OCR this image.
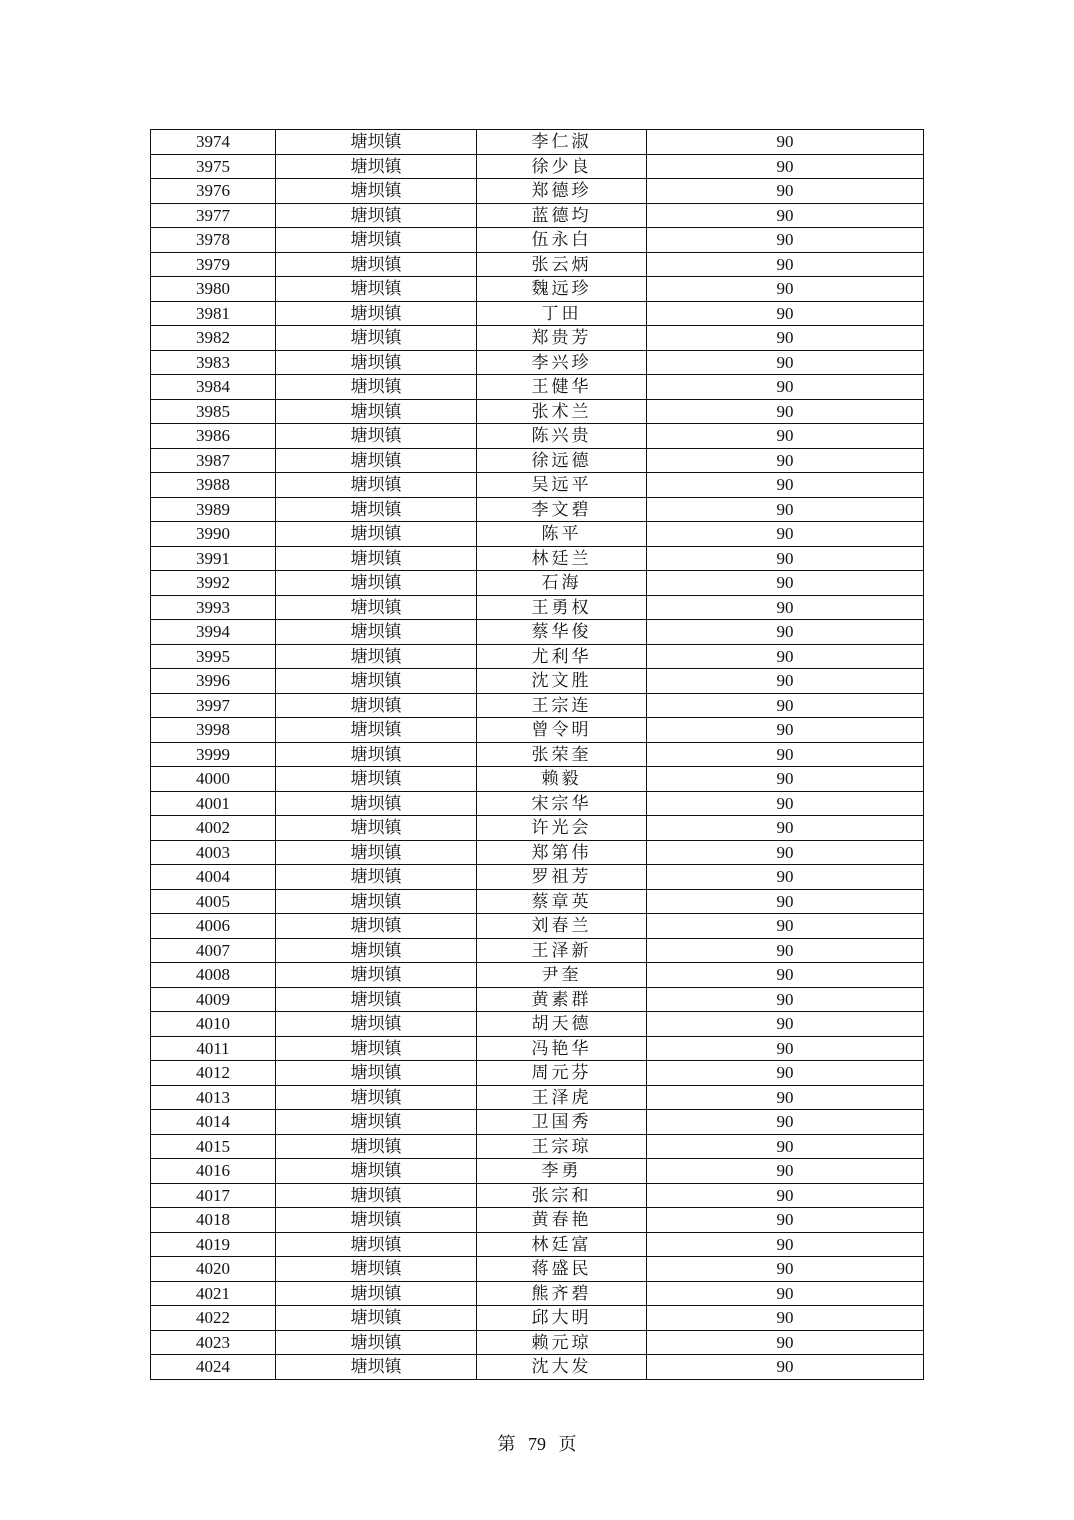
3974	塘坝镇	李仁淑	90
3975	塘坝镇	徐少良	90
3976	塘坝镇	郑德珍	90
3977	塘坝镇	蓝德均	90
3978	塘坝镇	伍永白	90
3979	塘坝镇	张云炳	90
3980	塘坝镇	魏远珍	90
3981	塘坝镇	丁田	90
3982	塘坝镇	郑贵芳	90
3983	塘坝镇	李兴珍	90
3984	塘坝镇	王健华	90
3985	塘坝镇	张术兰	90
3986	塘坝镇	陈兴贵	90
3987	塘坝镇	徐远德	90
3988	塘坝镇	吴远平	90
3989	塘坝镇	李文碧	90
3990	塘坝镇	陈平	90
3991	塘坝镇	林廷兰	90
3992	塘坝镇	石海	90
3993	塘坝镇	王勇权	90
3994	塘坝镇	蔡华俊	90
3995	塘坝镇	尤利华	90
3996	塘坝镇	沈文胜	90
3997	塘坝镇	王宗连	90
3998	塘坝镇	曾令明	90
3999	塘坝镇	张荣奎	90
4000	塘坝镇	赖毅	90
4001	塘坝镇	宋宗华	90
4002	塘坝镇	许光会	90
4003	塘坝镇	郑第伟	90
4004	塘坝镇	罗祖芳	90
4005	塘坝镇	蔡章英	90
4006	塘坝镇	刘春兰	90
4007	塘坝镇	王泽新	90
4008	塘坝镇	尹奎	90
4009	塘坝镇	黄素群	90
4010	塘坝镇	胡天德	90
4011	塘坝镇	冯艳华	90
4012	塘坝镇	周元芬	90
4013	塘坝镇	王泽虎	90
4014	塘坝镇	卫国秀	90
4015	塘坝镇	王宗琼	90
4016	塘坝镇	李勇	90
4017	塘坝镇	张宗和	90
4018	塘坝镇	黄春艳	90
4019	塘坝镇	林廷富	90
4020	塘坝镇	蒋盛民	90
4021	塘坝镇	熊齐碧	90
4022	塘坝镇	邱大明	90
4023	塘坝镇	赖元琼	90
4024	塘坝镇	沈大发	90
第 79 页
